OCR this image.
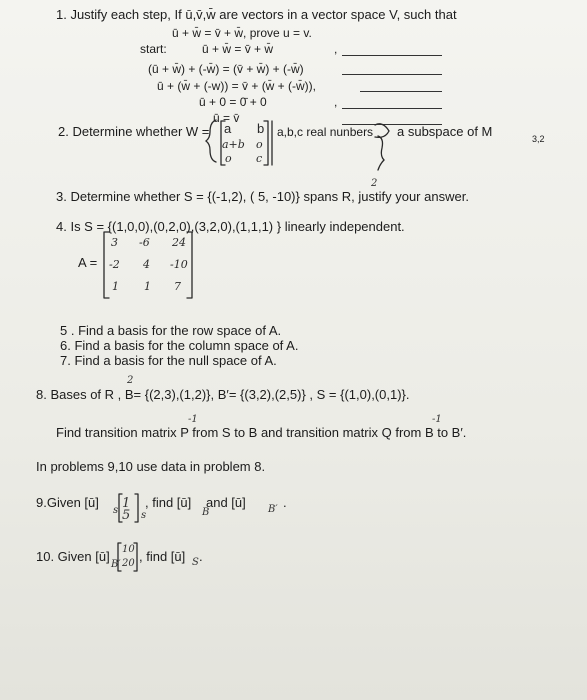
1. Justify each step, If ū,v̄,w̄ are vectors in a vector space V, such that
ū + w̄ = v̄ + w̄, prove u = v.
start:	ū + w̄ = v̄ + w̄	,
(ū + w̄) + (-w̄) = (v̄ + w̄) + (-w̄)
ū + (w̄ + (-w)) = v̄ + (w̄ + (-w̄)),
ū + 0 = 0̄ + 0	,
ū = v̄
2. Determine whether W = a b
a+b o
o c
a,b,c real nunbers a subspace of M	3,2
3. Determine whether S = {(-1,2), ( 5, -10)} spans R, justify your answer.
2
4. Is S = {(1,0,0),(0,2,0),(3,2,0),(1,1,1) } linearly independent.
A =
3 -6 24
-2 4 -10
1 1 7
5 . Find a basis for the row space of A.
6. Find a basis for the column space of A.
7. Find a basis for the null space of A.
8. Bases of R , B= {(2,3),(1,2)}, B′= {(3,2),(2,5)} , S = {(1,0),(0,1)}.
2
Find transition matrix P from S to B and transition matrix Q from B to B′.
-1	-1
In problems 9,10 use data in problem 8.
9.Given [ū]
s 1
5 s
, find [ū]
B
and [ū] B′ .
10. Given [ū]
B′
10
20 , find [ū] S .
